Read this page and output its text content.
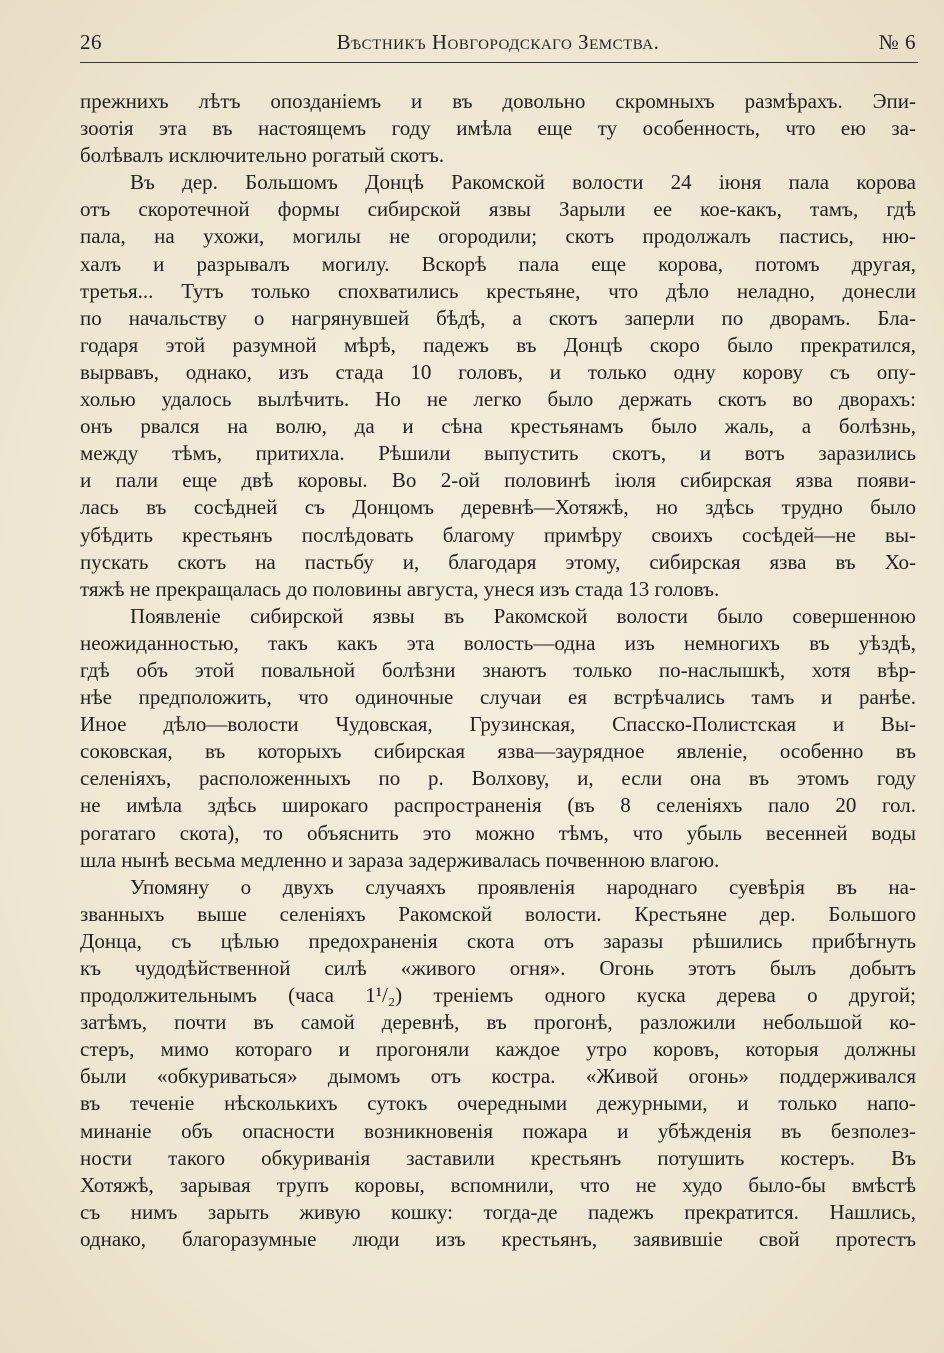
26	Вѣстникъ Новгородскаго Земства.	№ 6
прежнихъ лѣтъ опозданіемъ и въ довольно скромныхъ размѣрахъ. Эпи-
зоотія эта въ настоящемъ году имѣла еще ту особенность, что ею за-
болѣвалъ исключительно рогатый скотъ.
Въ дер. Большомъ Донцѣ Ракомской волости 24 іюня пала корова
отъ скоротечной формы сибирской язвы Зарыли ее кое-какъ, тамъ, гдѣ
пала, на ухожи, могилы не огородили; скотъ продолжалъ пастись, ню-
халъ и разрывалъ могилу. Вскорѣ пала еще корова, потомъ другая,
третья... Тутъ только спохватились крестьяне, что дѣло неладно, донесли
по начальству о нагрянувшей бѣдѣ, а скотъ заперли по дворамъ. Бла-
годаря этой разумной мѣрѣ, падежъ въ Донцѣ скоро было прекратился,
вырвавъ, однако, изъ стада 10 головъ, и только одну корову съ опу-
холью удалось вылѣчить. Но не легко было держать скотъ во дворахъ:
онъ рвался на волю, да и сѣна крестьянамъ было жаль, а болѣзнь,
между тѣмъ, притихла. Рѣшили выпустить скотъ, и вотъ заразились
и пали еще двѣ коровы. Во 2-ой половинѣ іюля сибирская язва появи-
лась въ сосѣдней съ Донцомъ деревнѣ—Хотяжѣ, но здѣсь трудно было
убѣдить крестьянъ послѣдовать благому примѣру своихъ сосѣдей—не вы-
пускать скотъ на пастьбу и, благодаря этому, сибирская язва въ Хо-
тяжѣ не прекращалась до половины августа, унеся изъ стада 13 головъ.
Появленіе сибирской язвы въ Ракомской волости было совершенною
неожиданностью, такъ какъ эта волость—одна изъ немногихъ въ уѣздѣ,
гдѣ объ этой повальной болѣзни знаютъ только по-наслышкѣ, хотя вѣр-
нѣе предположить, что одиночные случаи ея встрѣчались тамъ и ранѣе.
Иное дѣло—волости Чудовская, Грузинская, Спасско-Полистская и Вы-
соковская, въ которыхъ сибирская язва—заурядное явленіе, особенно въ
селеніяхъ, расположенныхъ по р. Волхову, и, если она въ этомъ году
не имѣла здѣсь широкаго распространенія (въ 8 селеніяхъ пало 20 гол.
рогатаго скота), то объяснить это можно тѣмъ, что убыль весенней воды
шла нынѣ весьма медленно и зараза задерживалась почвенною влагою.
Упомяну о двухъ случаяхъ проявленія народнаго суевѣрія въ на-
званныхъ выше селеніяхъ Ракомской волости. Крестьяне дер. Большого
Донца, съ цѣлью предохраненія скота отъ заразы рѣшились прибѣгнуть
къ чудодѣйственной силѣ «живого огня». Огонь этотъ былъ добытъ
продолжительнымъ (часа 1¹/₂) треніемъ одного куска дерева о другой;
затѣмъ, почти въ самой деревнѣ, въ прогонѣ, разложили небольшой ко-
стеръ, мимо котораго и прогоняли каждое утро коровъ, которыя должны
были «обкуриваться» дымомъ отъ костра. «Живой огонь» поддерживался
въ теченіе нѣсколькихъ сутокъ очередными дежурными, и только напо-
минаніе объ опасности возникновенія пожара и убѣжденія въ безполез-
ности такого обкуриванія заставили крестьянъ потушить костеръ. Въ
Хотяжѣ, зарывая трупъ коровы, вспомнили, что не худо было-бы вмѣстѣ
съ нимъ зарыть живую кошку: тогда-де падежъ прекратится. Нашлись,
однако, благоразумные люди изъ крестьянъ, заявившіе свой протестъ
